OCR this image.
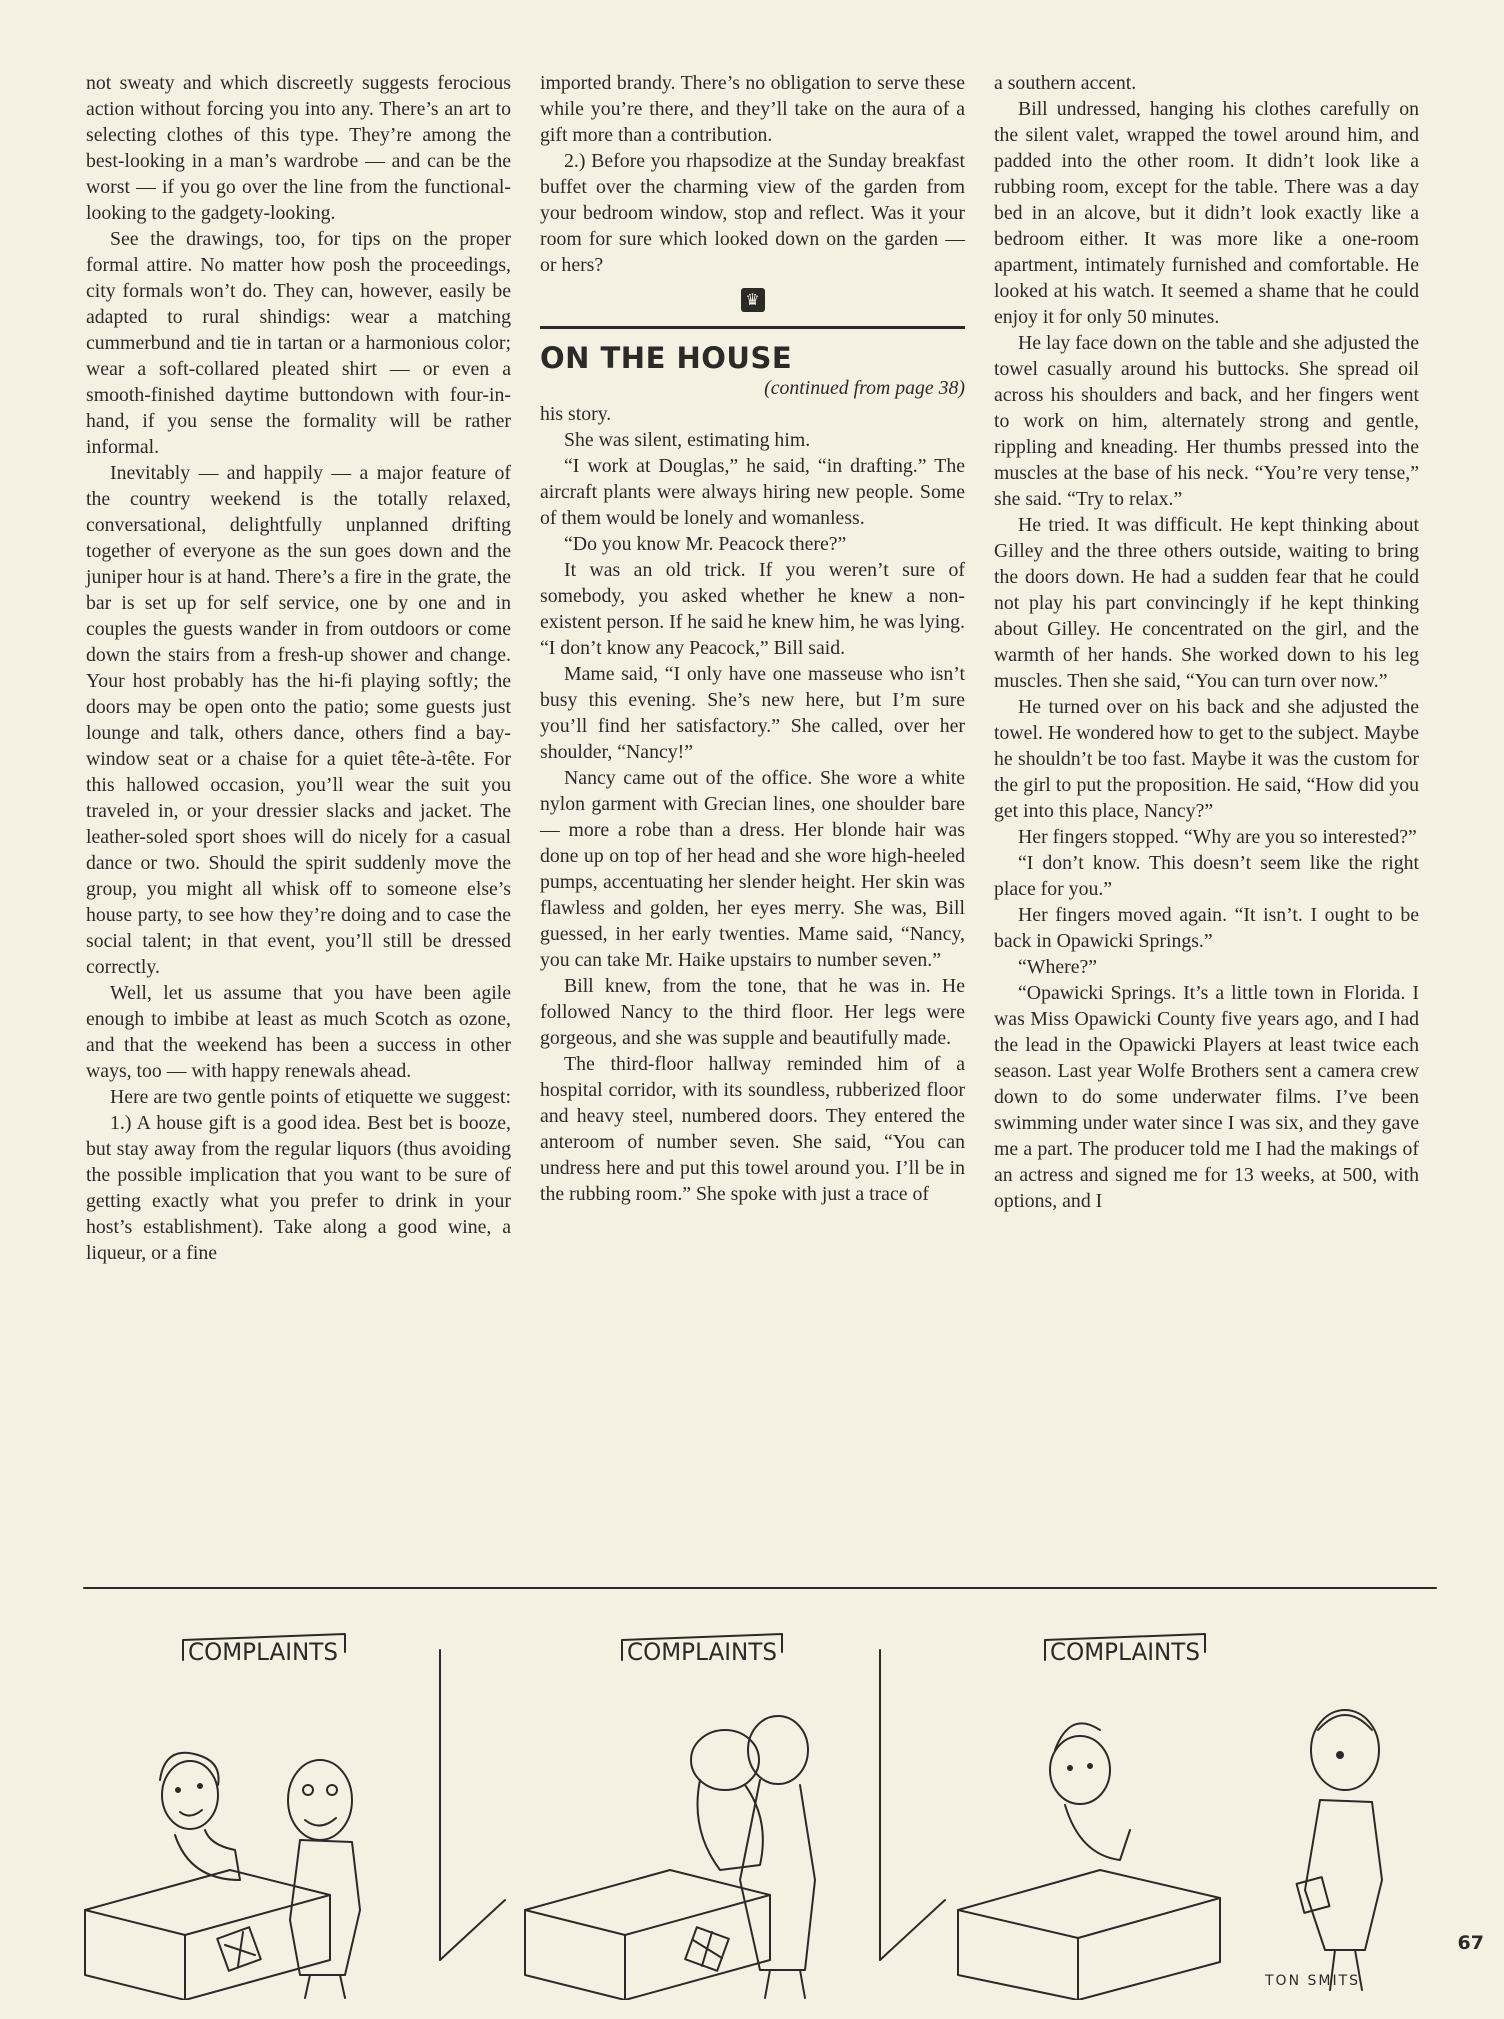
not sweaty and which discreetly suggests ferocious action without forcing you into any. There’s an art to selecting clothes of this type. They’re among the best-looking in a man’s wardrobe — and can be the worst — if you go over the line from the functional-looking to the gadgety-looking.

See the drawings, too, for tips on the proper formal attire. No matter how posh the proceedings, city formals won’t do. They can, however, easily be adapted to rural shindigs: wear a matching cummerbund and tie in tartan or a harmonious color; wear a soft-collared pleated shirt — or even a smooth-finished daytime buttondown with four-in-hand, if you sense the formality will be rather informal.

Inevitably — and happily — a major feature of the country weekend is the totally relaxed, conversational, delightfully unplanned drifting together of everyone as the sun goes down and the juniper hour is at hand. There’s a fire in the grate, the bar is set up for self service, one by one and in couples the guests wander in from outdoors or come down the stairs from a fresh-up shower and change. Your host probably has the hi-fi playing softly; the doors may be open onto the patio; some guests just lounge and talk, others dance, others find a bay-window seat or a chaise for a quiet tête-à-tête. For this hallowed occasion, you’ll wear the suit you traveled in, or your dressier slacks and jacket. The leather-soled sport shoes will do nicely for a casual dance or two. Should the spirit suddenly move the group, you might all whisk off to someone else’s house party, to see how they’re doing and to case the social talent; in that event, you’ll still be dressed correctly.

Well, let us assume that you have been agile enough to imbibe at least as much Scotch as ozone, and that the weekend has been a success in other ways, too — with happy renewals ahead.

Here are two gentle points of etiquette we suggest:

1.) A house gift is a good idea. Best bet is booze, but stay away from the regular liquors (thus avoiding the possible implication that you want to be sure of getting exactly what you prefer to drink in your host’s establishment). Take along a good wine, a liqueur, or a fine

imported brandy. There’s no obligation to serve these while you’re there, and they’ll take on the aura of a gift more than a contribution.

2.) Before you rhapsodize at the Sunday breakfast buffet over the charming view of the garden from your bedroom window, stop and reflect. Was it your room for sure which looked down on the garden — or hers?

♛
ON THE HOUSE

(continued from page 38)

his story.

She was silent, estimating him.

“I work at Douglas,” he said, “in drafting.” The aircraft plants were always hiring new people. Some of them would be lonely and womanless.

“Do you know Mr. Peacock there?”

It was an old trick. If you weren’t sure of somebody, you asked whether he knew a non-existent person. If he said he knew him, he was lying. “I don’t know any Peacock,” Bill said.

Mame said, “I only have one masseuse who isn’t busy this evening. She’s new here, but I’m sure you’ll find her satisfactory.” She called, over her shoulder, “Nancy!”

Nancy came out of the office. She wore a white nylon garment with Grecian lines, one shoulder bare — more a robe than a dress. Her blonde hair was done up on top of her head and she wore high-heeled pumps, accentuating her slender height. Her skin was flawless and golden, her eyes merry. She was, Bill guessed, in her early twenties. Mame said, “Nancy, you can take Mr. Haike upstairs to number seven.”

Bill knew, from the tone, that he was in. He followed Nancy to the third floor. Her legs were gorgeous, and she was supple and beautifully made.

The third-floor hallway reminded him of a hospital corridor, with its soundless, rubberized floor and heavy steel, numbered doors. They entered the anteroom of number seven. She said, “You can undress here and put this towel around you. I’ll be in the rubbing room.” She spoke with just a trace of

a southern accent.

Bill undressed, hanging his clothes carefully on the silent valet, wrapped the towel around him, and padded into the other room. It didn’t look like a rubbing room, except for the table. There was a day bed in an alcove, but it didn’t look exactly like a bedroom either. It was more like a one-room apartment, intimately furnished and comfortable. He looked at his watch. It seemed a shame that he could enjoy it for only 50 minutes.

He lay face down on the table and she adjusted the towel casually around his buttocks. She spread oil across his shoulders and back, and her fingers went to work on him, alternately strong and gentle, rippling and kneading. Her thumbs pressed into the muscles at the base of his neck. “You’re very tense,” she said. “Try to relax.”

He tried. It was difficult. He kept thinking about Gilley and the three others outside, waiting to bring the doors down. He had a sudden fear that he could not play his part convincingly if he kept thinking about Gilley. He concentrated on the girl, and the warmth of her hands. She worked down to his leg muscles. Then she said, “You can turn over now.”

He turned over on his back and she adjusted the towel. He wondered how to get to the subject. Maybe he shouldn’t be too fast. Maybe it was the custom for the girl to put the proposition. He said, “How did you get into this place, Nancy?”

Her fingers stopped. “Why are you so interested?”

“I don’t know. This doesn’t seem like the right place for you.”

Her fingers moved again. “It isn’t. I ought to be back in Opawicki Springs.”

“Where?”

“Opawicki Springs. It’s a little town in Florida. I was Miss Opawicki County five years ago, and I had the lead in the Opawicki Players at least twice each season. Last year Wolfe Brothers sent a camera crew down to do some underwater films. I’ve been swimming under water since I was six, and they gave me a part. The producer told me I had the makings of an actress and signed me for 13 weeks, at 500, with options, and I

COMPLAINTS	COMPLAINTS	COMPLAINTS
TON SMITS
67
